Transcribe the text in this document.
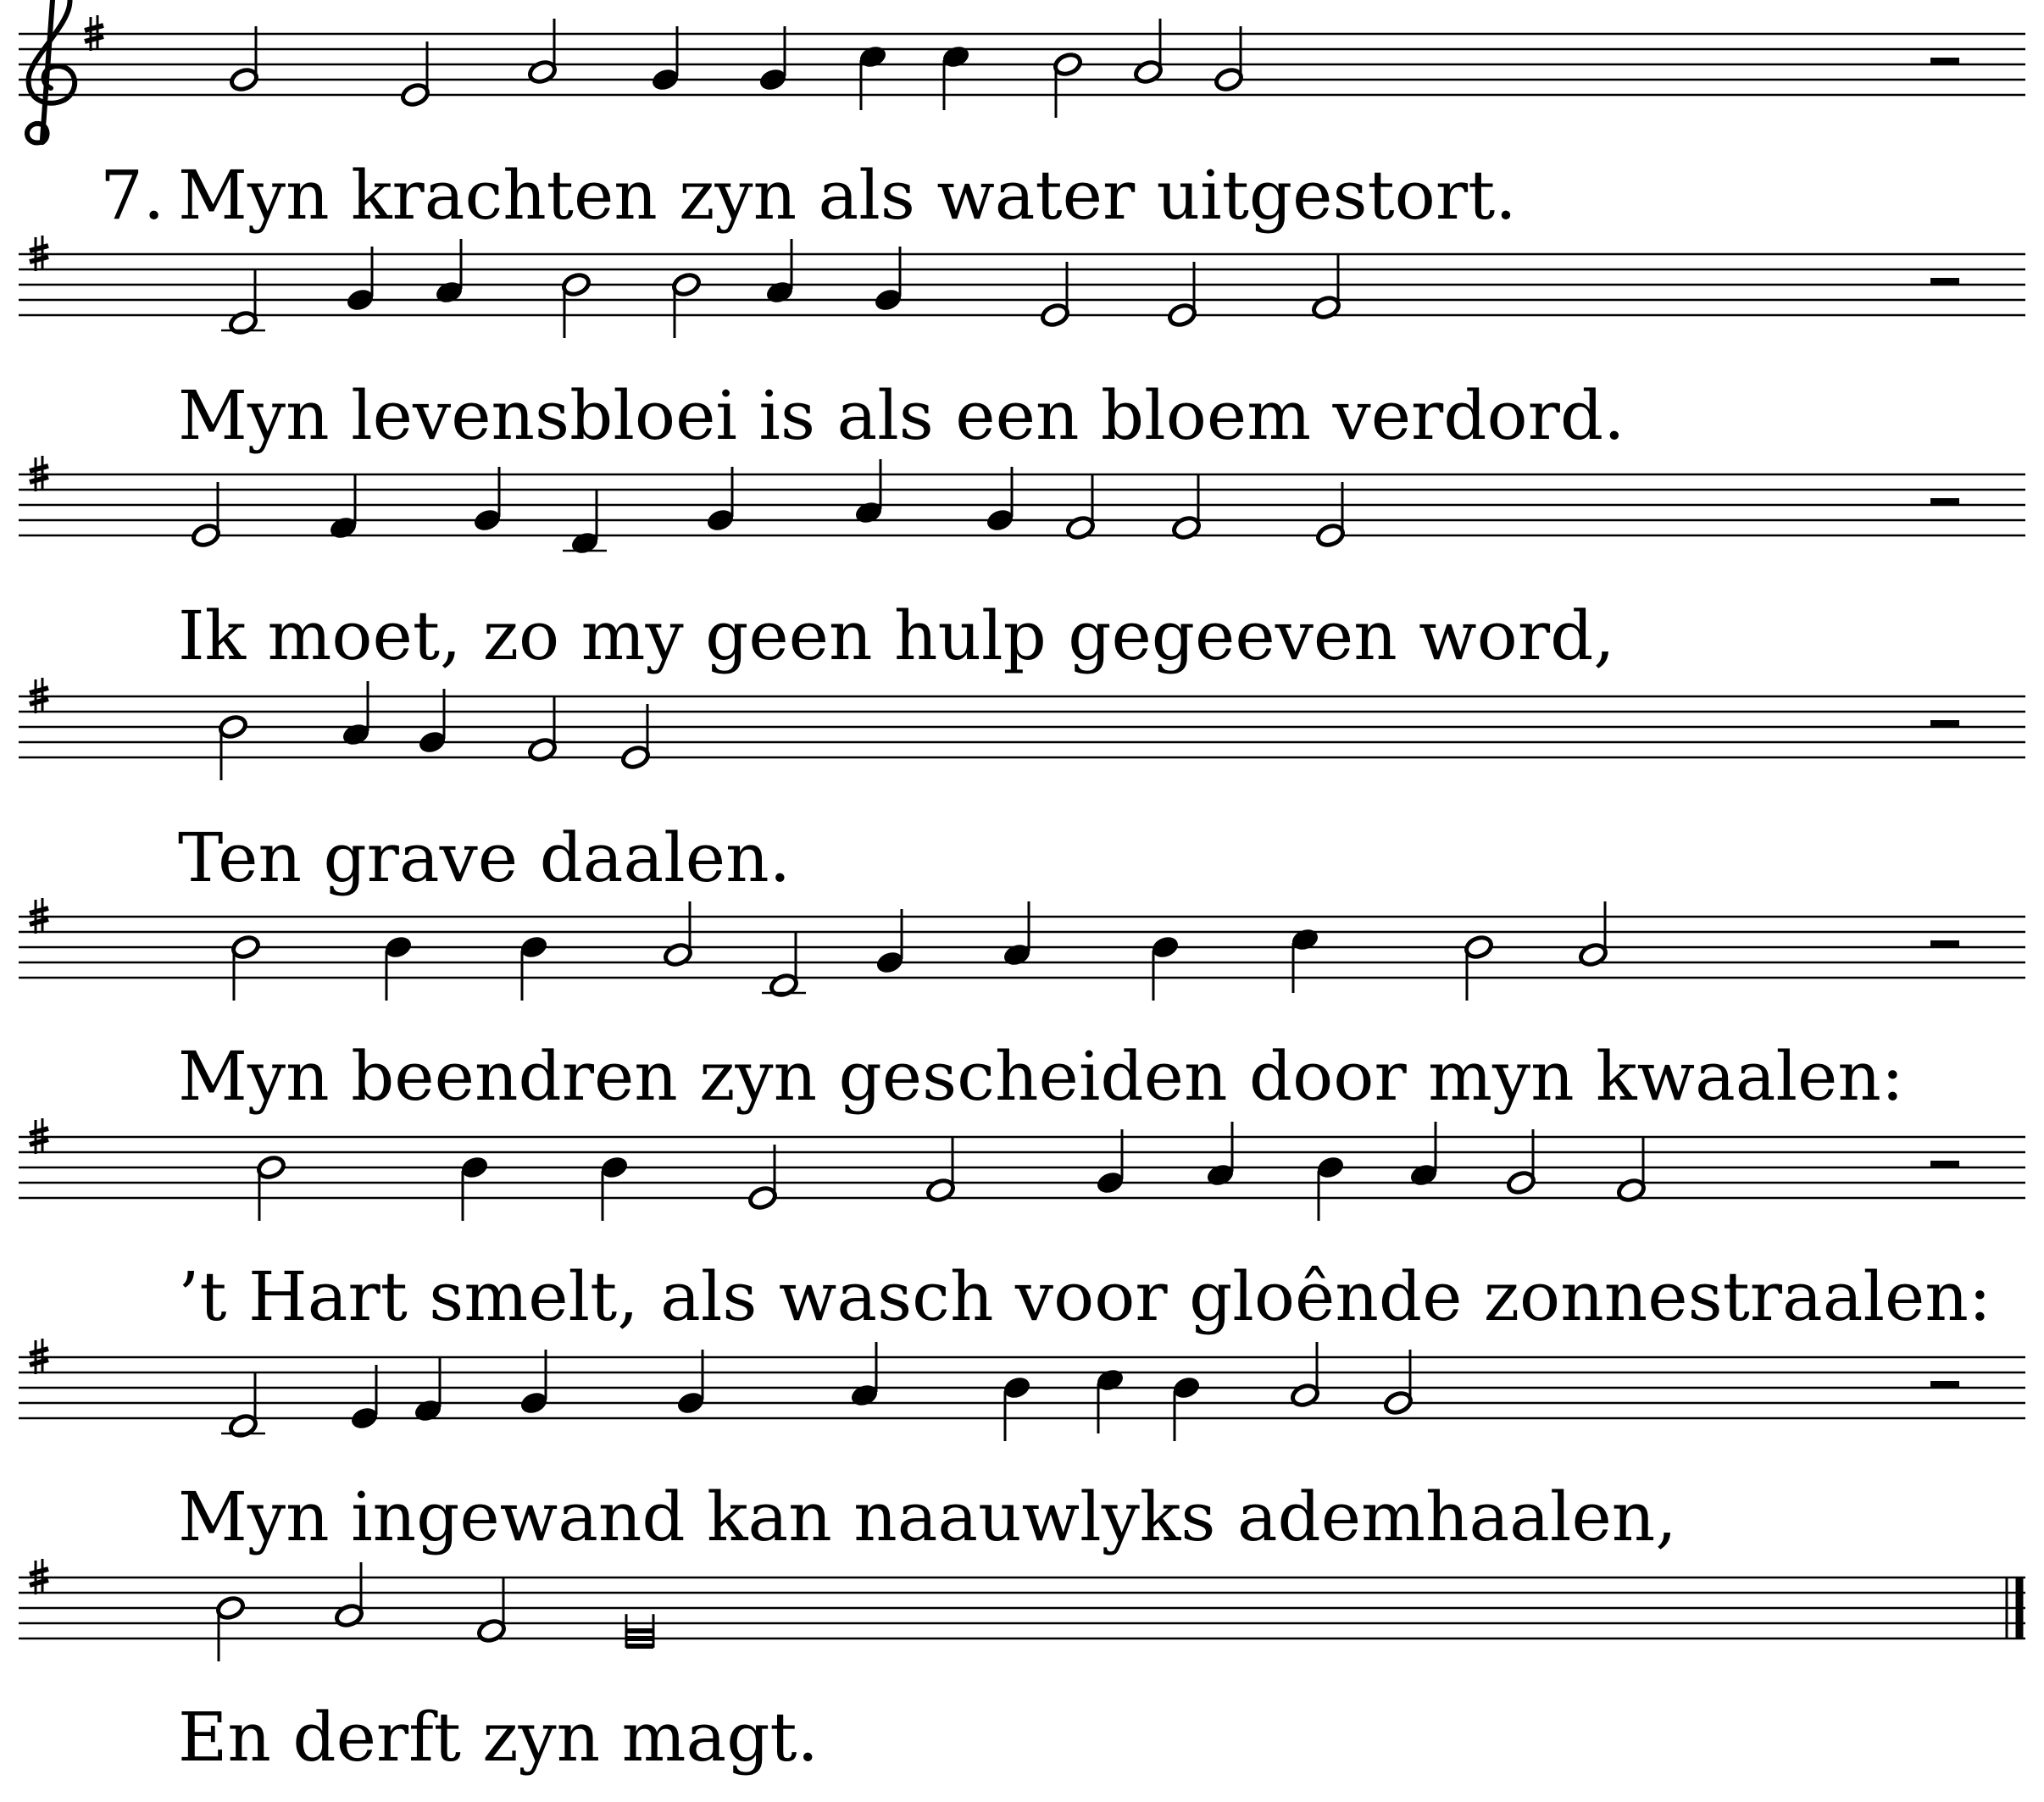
7. Myn krachten zyn als water uitgestort.
Myn levensbloei is als een bloem verdord.
Ik moet, zo my geen hulp gegeeven word,
Ten grave daalen.
Myn beendren zyn gescheiden door myn kwaalen:
’t Hart smelt, als wasch voor gloênde zonnestraalen:
Myn ingewand kan naauwlyks ademhaalen,
En derft zyn magt.
